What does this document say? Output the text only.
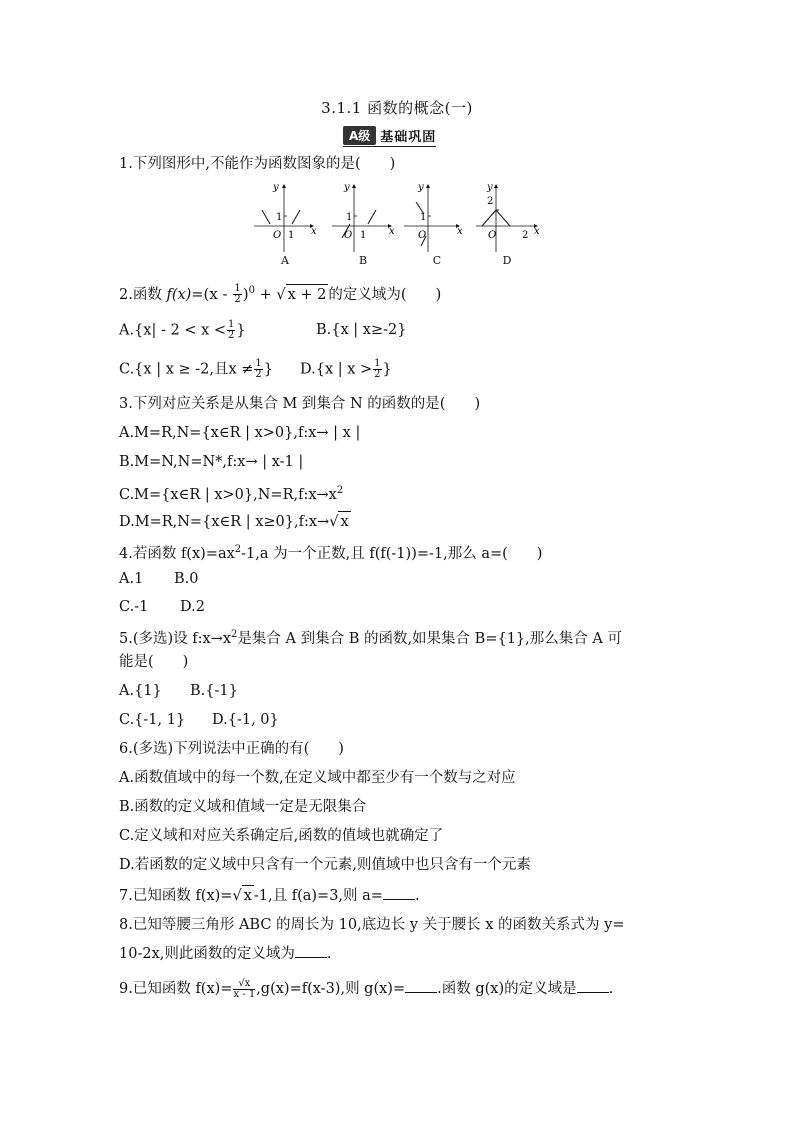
3.1.1 函数的概念(一)
A级 基础巩固
1.下列图形中,不能作为函数图象的是(　　)
y
x
O 1
1
A
y
x
O 1
1
B
y
x
O
1
C
y
x
O	2
2
D
2.函数 $f(x)=(x - \frac{1}{2} )^0$ + √ x + 2 的定义域为(　　)
$A.\{x| - 2 < x < \frac{1}{2}$ }	B.{x | x≥-2}
C.{x | x ≥ -2,且$x \ne \frac{1}{2}$ } D.{x | $x > \frac{1}{2}$ }
3.下列对应关系是从集合 M 到集合 N 的函数的是(　　)
A.M=R,N={x∈R | x>0},f:x→ | x |
B.M=N,N=N*,f:x→ | x-1 |
C.M={x∈R | $x>0\},N=R,f:x\to x^2$
D.M=R,N={x∈R | x≥0},f:x→√ x
4.若函数 $f(x)=ax^2-1,a$ 为一个正数,且 f(f(-1))=-1,那么 a=(　　)
A.1 B.0
C.-1 D.2
5.(多选)设 $f:x\to x^2$是集合 A 到集合 B 的函数,如果集合 B={1},那么集合 A 可
能是(　　)
A.{1} B.{-1}
C.{-1, 1} D.{-1, 0}
6.(多选)下列说法中正确的有(　　)
A.函数值域中的每一个数,在定义域中都至少有一个数与之对应
B.函数的定义域和值域一定是无限集合
C.定义域和对应关系确定后,函数的值域也就确定了
D.若函数的定义域中只含有一个元素,则值域中也只含有一个元素
7.已知函数 f(x)=√ x -1,且 f(a)=3,则 a= .
8.已知等腰三角形 ABC 的周长为 10,底边长 y 关于腰长 x 的函数关系式为 y=
10-2x,则此函数的定义域为 .
9.已知函数 $f(x)= \frac{√x}{x - 1} ,g(x)=f(x-3)$,则 g(x)= .函数 g(x)的定义域是 .
